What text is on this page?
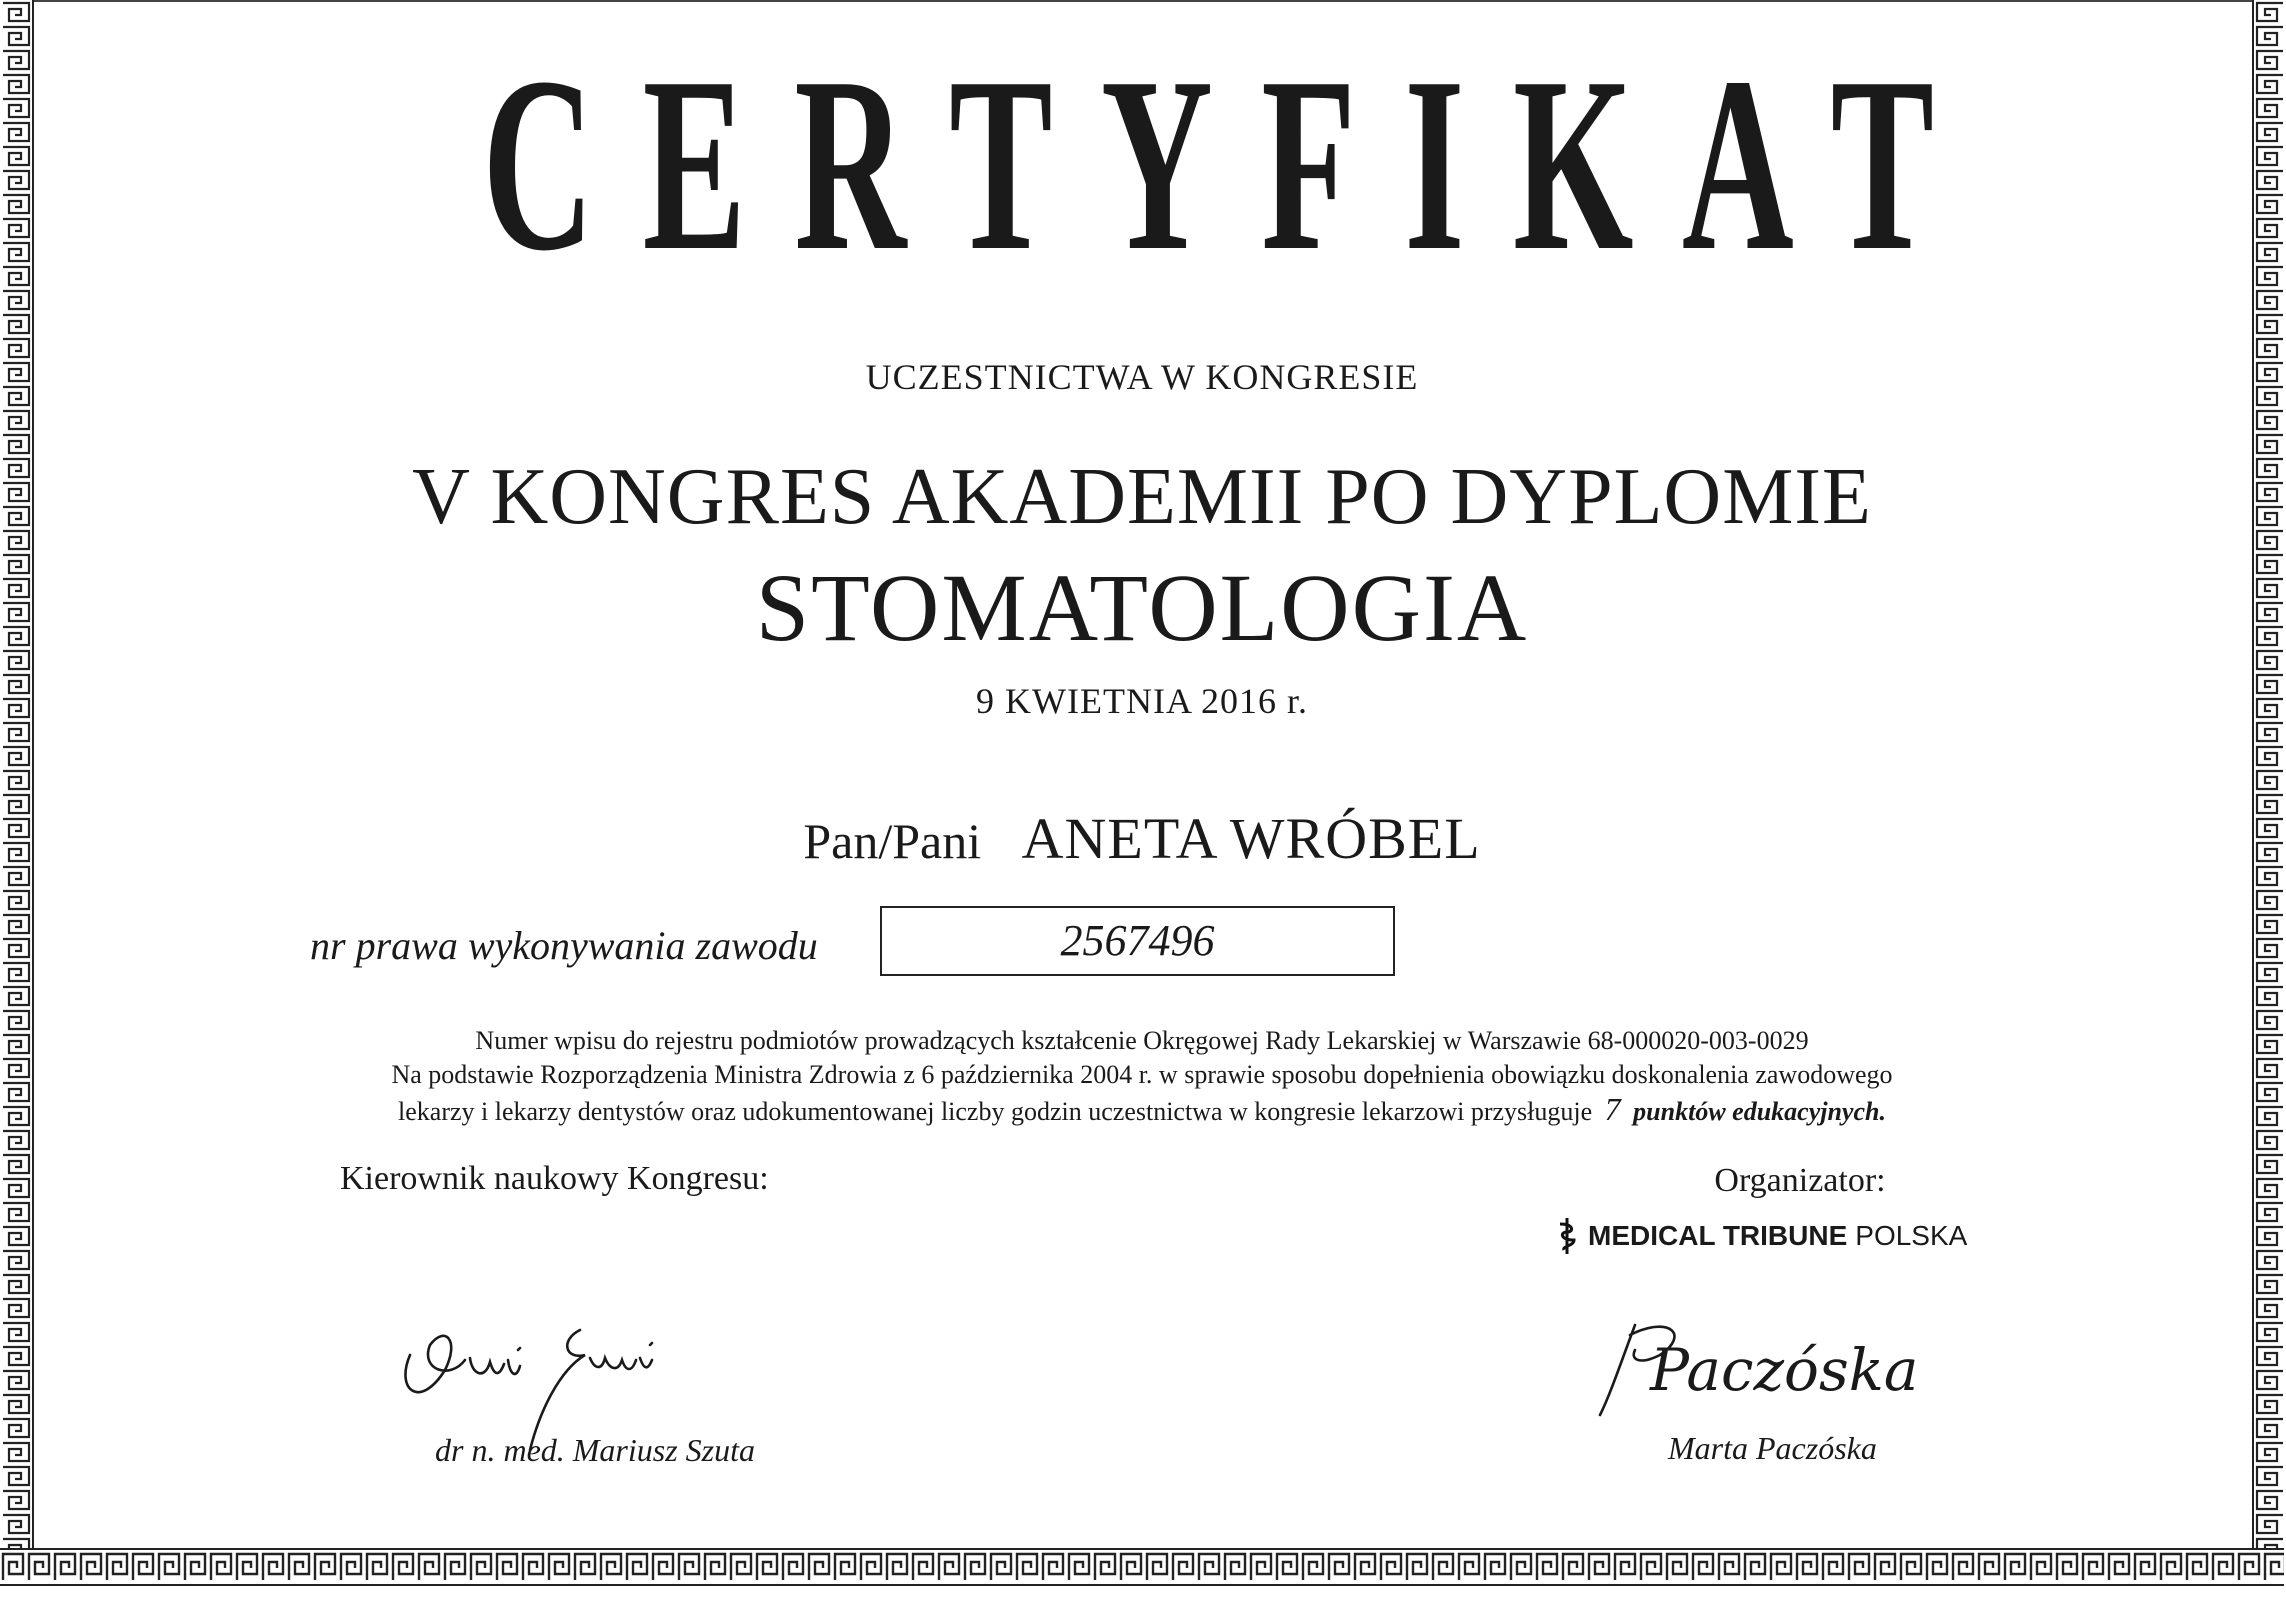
CERTYFIKAT
UCZESTNICTWA W KONGRESIE
V KONGRES AKADEMII PO DYPLOMIE
STOMATOLOGIA
9 KWIETNIA 2016 r.
Pan/Pani ANETA WRÓBEL
nr prawa wykonywania zawodu	2567496
Numer wpisu do rejestru podmiotów prowadzących kształcenie Okręgowej Rady Lekarskiej w Warszawie 68-000020-003-0029
Na podstawie Rozporządzenia Ministra Zdrowia z 6 października 2004 r. w sprawie sposobu dopełnienia obowiązku doskonalenia zawodowego
lekarzy i lekarzy dentystów oraz udokumentowanej liczby godzin uczestnictwa w kongresie lekarzowi przysługuje 7 punktów edukacyjnych.
Kierownik naukowy Kongresu:	Organizator:
MEDICAL TRIBUNE POLSKA
Paczóska
dr n. med. Mariusz Szuta	Marta Paczóska
